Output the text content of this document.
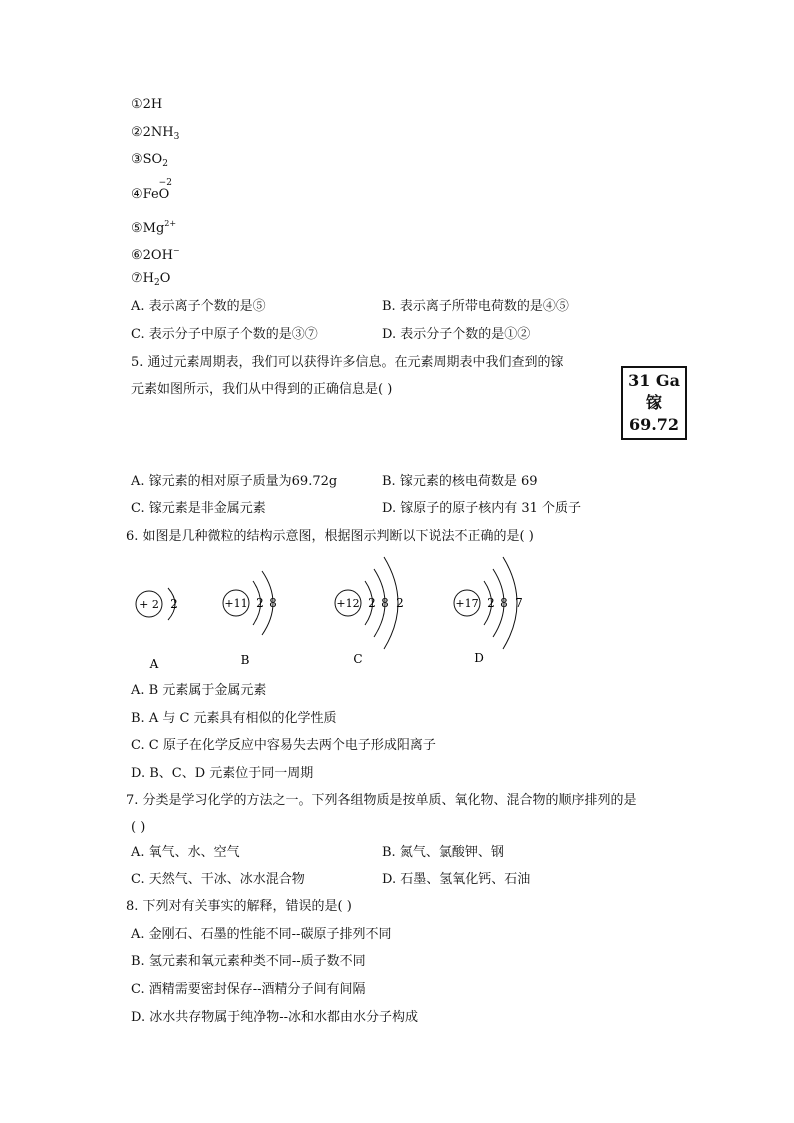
①2H
$②2NH_3$
$③SO_2$
④Fe
−2
O
$⑤Mg^{2+}$
⑥2OH−
$⑦H_2O$
A. 表示离子个数的是⑤	B. 表示离子所带电荷数的是④⑤
C. 表示分子中原子个数的是③⑦	D. 表示分子个数的是①②
5. 通过元素周期表，我们可以获得许多信息。在元素周期表中我们查到的镓
元素如图所示，我们从中得到的正确信息是( )	31 Ga
镓
69.72
A. 镓元素的相对原子质量为69.72g	B. 镓元素的核电荷数是 69
C. 镓元素是非金属元素	D. 镓原子的原子核内有 31 个质子
6. 如图是几种微粒的结构示意图，根据图示判断以下说法不正确的是( )
+ 2 2
A
+11 2 8
B
+12 2 8 2
C
+17 2 8 7
D
A. B 元素属于金属元素
B. A 与 C 元素具有相似的化学性质
C. C 原子在化学反应中容易失去两个电子形成阳离子
D. B、C、D 元素位于同一周期
7. 分类是学习化学的方法之一。下列各组物质是按单质、氧化物、混合物的顺序排列的是
( )
A. 氧气、水、空气	B. 氮气、氯酸钾、钢
C. 天然气、干冰、冰水混合物	D. 石墨、氢氧化钙、石油
8. 下列对有关事实的解释，错误的是( )
A. 金刚石、石墨的性能不同--碳原子排列不同
B. 氢元素和氧元素种类不同--质子数不同
C. 酒精需要密封保存--酒精分子间有间隔
D. 冰水共存物属于纯净物--冰和水都由水分子构成
